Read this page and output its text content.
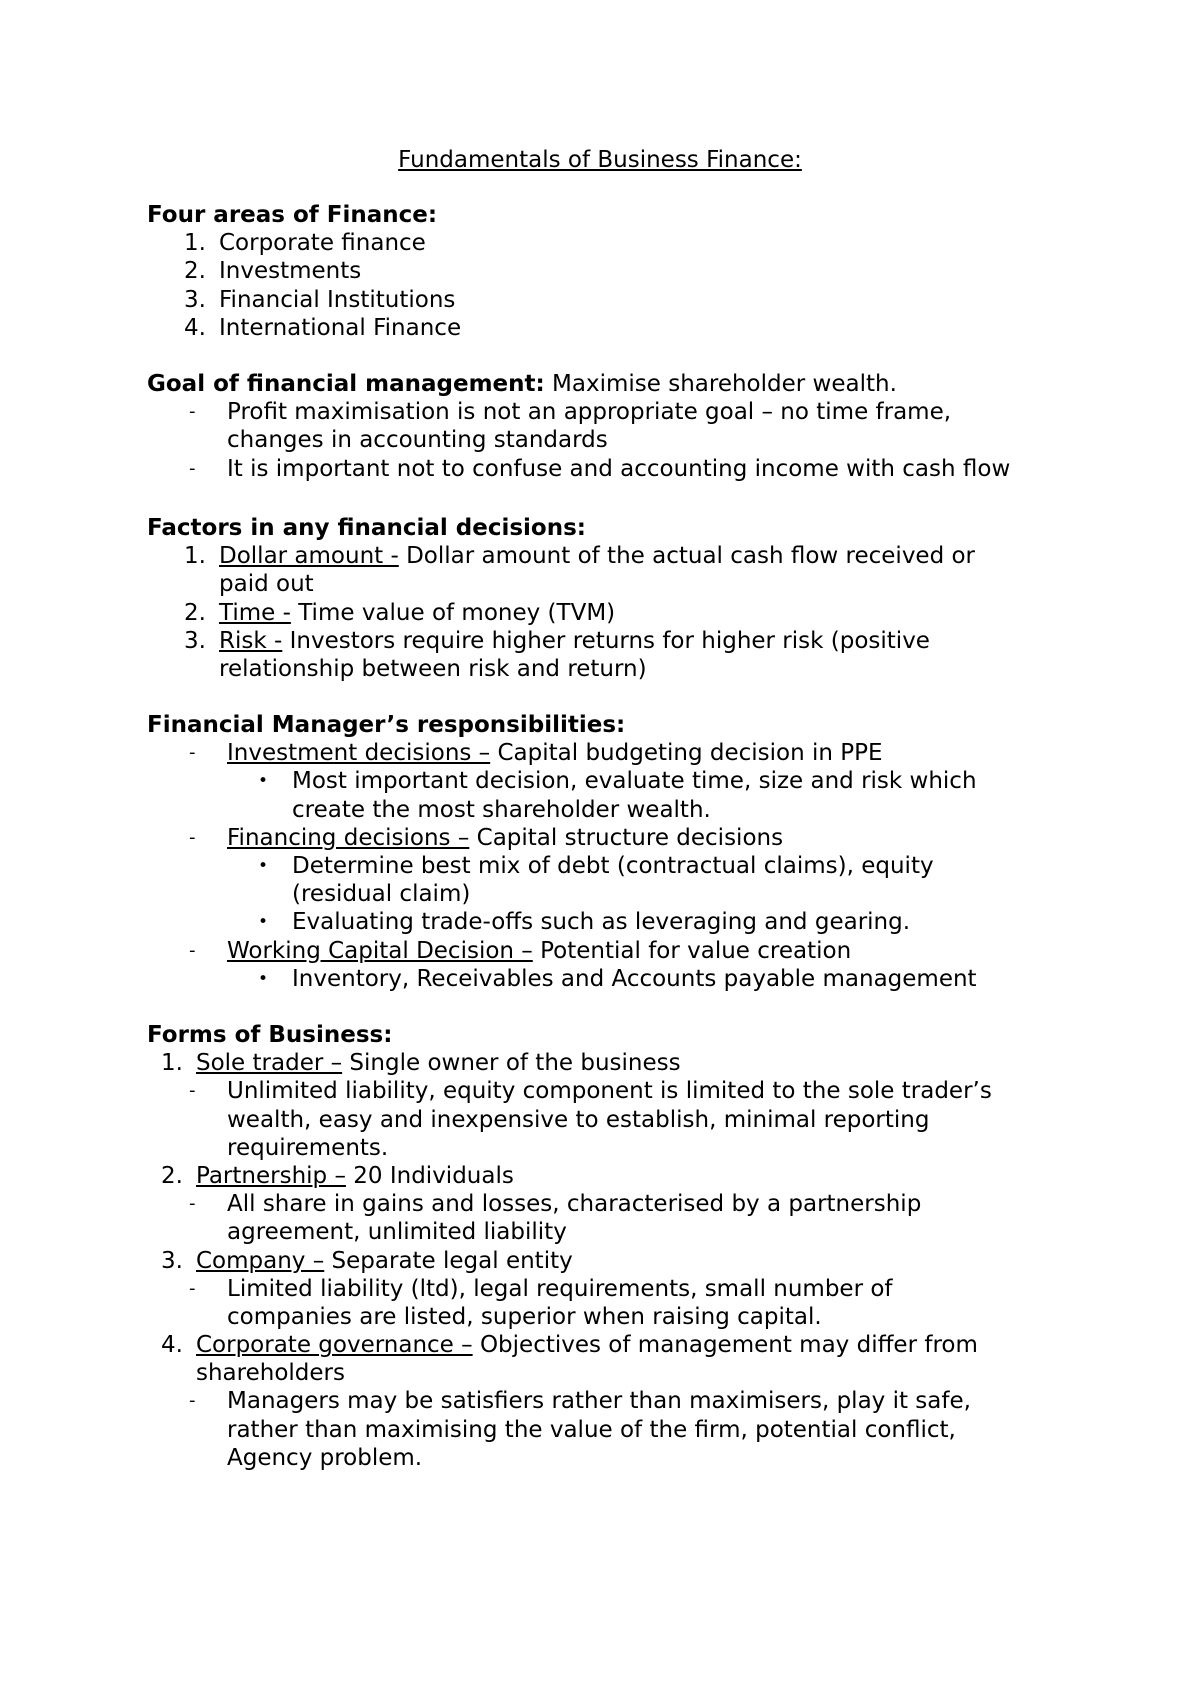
Fundamentals of Business Finance:

Four areas of Finance:
1. Corporate finance
2. Investments
3. Financial Institutions
4. International Finance
Goal of financial management: Maximise shareholder wealth.
- Profit maximisation is not an appropriate goal – no time frame,
changes in accounting standards
- It is important not to confuse and accounting income with cash flow
Factors in any financial decisions:
1. Dollar amount - Dollar amount of the actual cash flow received or
paid out
2. Time - Time value of money (TVM)
3. Risk - Investors require higher returns for higher risk (positive
relationship between risk and return)
Financial Manager’s responsibilities:
- Investment decisions – Capital budgeting decision in PPE
• Most important decision, evaluate time, size and risk which
create the most shareholder wealth.
- Financing decisions – Capital structure decisions
• Determine best mix of debt (contractual claims), equity
(residual claim)
• Evaluating trade-offs such as leveraging and gearing.
- Working Capital Decision – Potential for value creation
• Inventory, Receivables and Accounts payable management
Forms of Business:
1. Sole trader – Single owner of the business
- Unlimited liability, equity component is limited to the sole trader’s
wealth, easy and inexpensive to establish, minimal reporting
requirements.
2. Partnership – 20 Individuals
- All share in gains and losses, characterised by a partnership
agreement, unlimited liability
3. Company – Separate legal entity
- Limited liability (ltd), legal requirements, small number of
companies are listed, superior when raising capital.
4. Corporate governance – Objectives of management may differ from
shareholders
- Managers may be satisfiers rather than maximisers, play it safe,
rather than maximising the value of the firm, potential conflict,
Agency problem.
